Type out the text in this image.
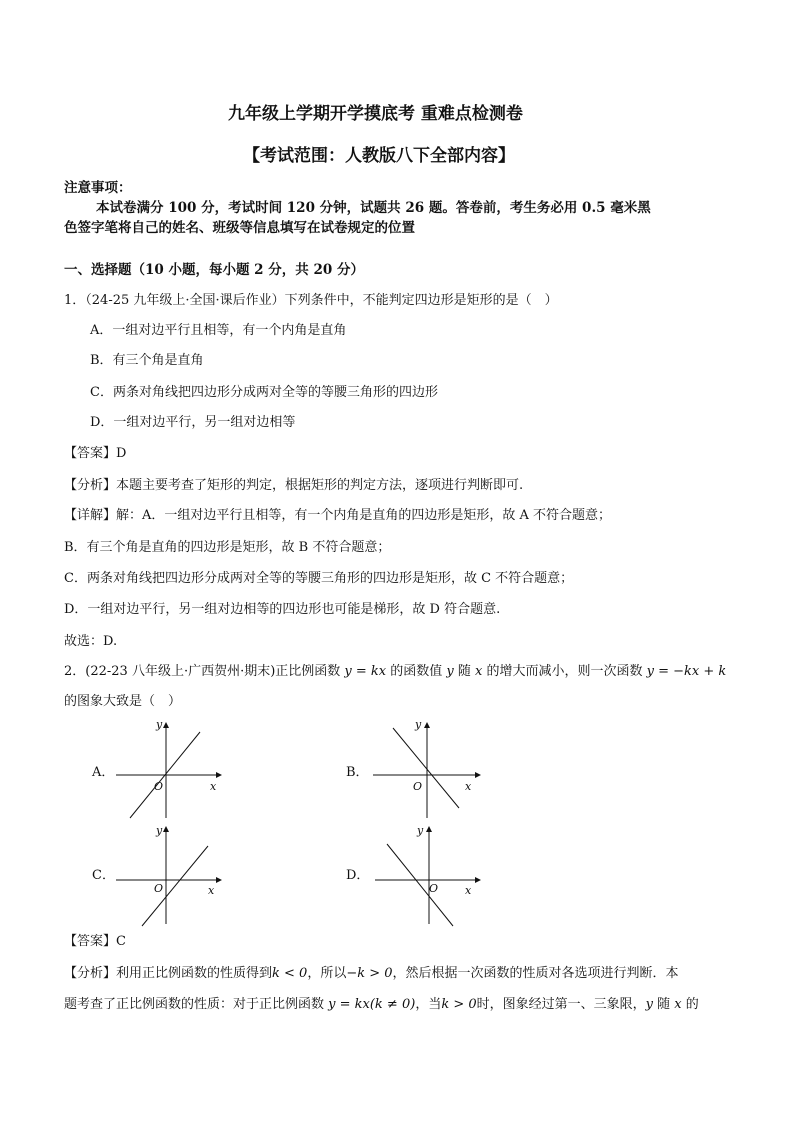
九年级上学期开学摸底考 重难点检测卷
【考试范围：人教版八下全部内容】
注意事项：
本试卷满分 100 分，考试时间 120 分钟，试题共 26 题。答卷前，考生务必用 0.5 毫米黑
色签字笔将自己的姓名、班级等信息填写在试卷规定的位置
一、选择题（10 小题，每小题 2 分，共 20 分）
1．（24-25 九年级上·全国·课后作业）下列条件中，不能判定四边形是矩形的是（　）
A．一组对边平行且相等，有一个内角是直角
B．有三个角是直角
C．两条对角线把四边形分成两对全等的等腰三角形的四边形
D．一组对边平行，另一组对边相等
【答案】D
【分析】本题主要考查了矩形的判定，根据矩形的判定方法，逐项进行判断即可.
【详解】解：A．一组对边平行且相等，有一个内角是直角的四边形是矩形，故 A 不符合题意；
B．有三个角是直角的四边形是矩形，故 B 不符合题意；
C．两条对角线把四边形分成两对全等的等腰三角形的四边形是矩形，故 C 不符合题意；
D．一组对边平行，另一组对边相等的四边形也可能是梯形，故 D 符合题意.
故选：D.
2．(22-23 八年级上·广西贺州·期末)正比例函数 y = kx 的函数值 y 随 x 的增大而减小，则一次函数 y = −kx + k
的图象大致是（　）
A．
y
x
O
B．
y
x
O
C．
y
x
O
D．
y
x
O
【答案】C
【分析】利用正比例函数的性质得到k < 0，所以−k > 0，然后根据一次函数的性质对各选项进行判断．本
题考查了正比例函数的性质：对于正比例函数 y = kx(k ≠ 0)，当k > 0时，图象经过第一、三象限，y 随 x 的
